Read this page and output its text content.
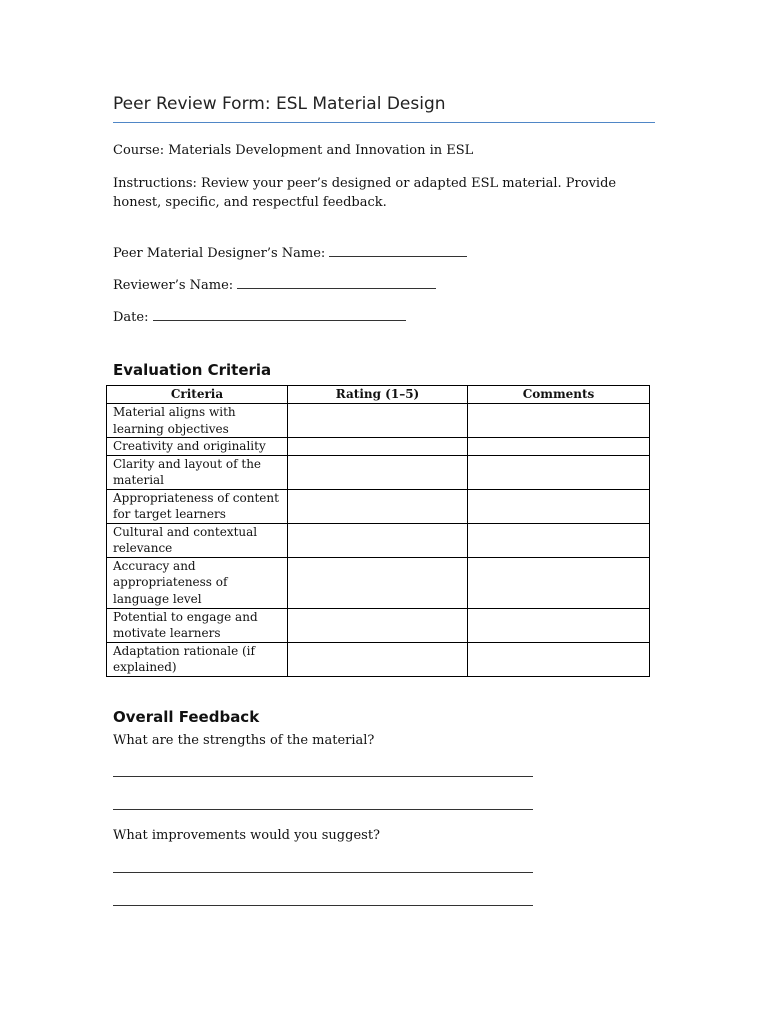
Peer Review Form: ESL Material Design
Course: Materials Development and Innovation in ESL
Instructions: Review your peer’s designed or adapted ESL material. Provide honest, specific, and respectful feedback.
Peer Material Designer’s Name:
Reviewer’s Name:
Date:
Evaluation Criteria
Criteria	Rating (1–5)	Comments
Material aligns with learning objectives		
Creativity and originality		
Clarity and layout of the material		
Appropriateness of content for target learners		
Cultural and contextual relevance		
Accuracy and appropriateness of language level		
Potential to engage and motivate learners		
Adaptation rationale (if explained)		
Overall Feedback
What are the strengths of the material?
What improvements would you suggest?
